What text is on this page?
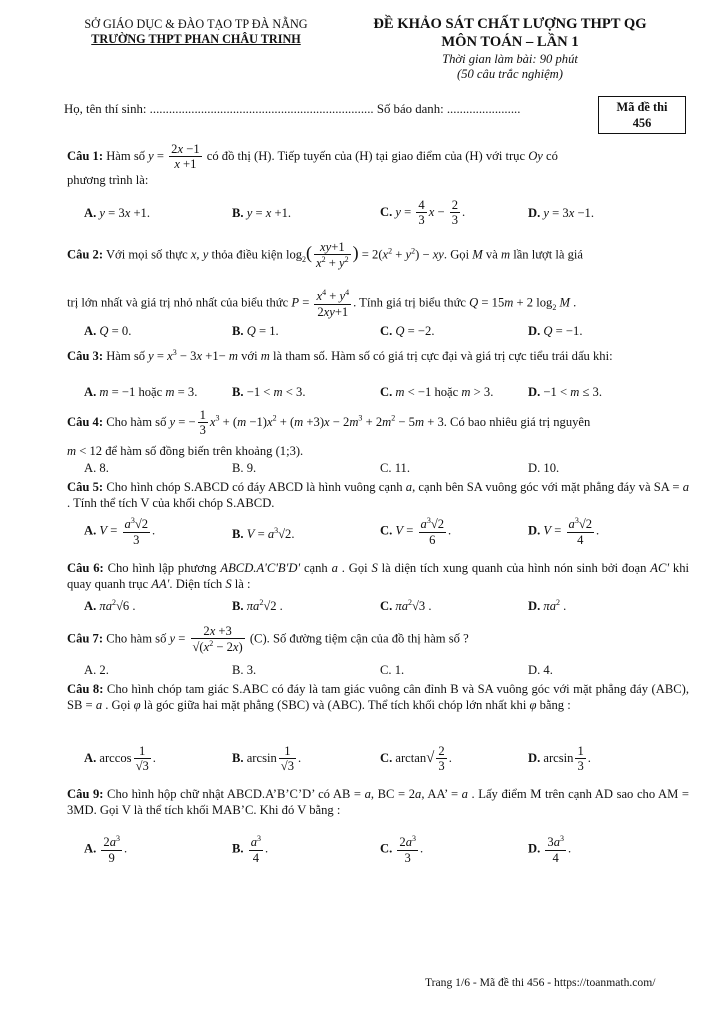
SỞ GIÁO DỤC & ĐÀO TẠO TP ĐÀ NẴNG
TRƯỜNG THPT PHAN CHÂU TRINH
ĐỀ KHẢO SÁT CHẤT LƯỢNG THPT QG
MÔN TOÁN – LẦN 1
Thời gian làm bài: 90 phút
(50 câu trắc nghiệm)
Họ, tên thí sinh: ...................................................................... Số báo danh: .......................	Mã đề thi
456
Câu 1: Hàm số $y = \frac{2x -1}{x +1}$ có đồ thị (H). Tiếp tuyến của (H) tại giao điểm của (H) với trục Oy có
phương trình là:
A. y = 3x +1.	B. y = x +1.	C. $y = \frac{4}{3}$ $x - \frac{2}{3}$ .	D. y = 3x −1.
Câu 2: Với mọi số thực x, y thỏa điều kiện $\log_2( \frac{xy+1}{x^2 + y^2}$ ) = $2(x^2 + y^2)$ − xy. Gọi M và m lần lượt là giá
trị lớn nhất và giá trị nhỏ nhất của biểu thức $P = \frac{x^4 + y^4}{2xy+1}$ . Tính giá trị biểu thức Q = 15m + 2 $\log_2 M$ .
A. Q = 0.	B. Q = 1.	C. Q = −2.	D. Q = −1.
Câu 3: Hàm số $y = x^3 - 3x +1- m$ với m là tham số. Hàm số có giá trị cực đại và giá trị cực tiểu trái dấu khi:
A. m = −1 hoặc m = 3.	B. −1 < m < 3.	C. m < −1 hoặc m > 3.	D. −1 < m ≤ 3.
Câu 4: Cho hàm số y = − $\frac{1}{3} x^3 + (m -1)x^2 + (m +3)x - 2m^3 + 2m^2 - 5m + 3$. Có bao nhiêu giá trị nguyên
m < 12 để hàm số đồng biến trên khoảng (1;3).
A. 8.	B. 9.	C. 11.	D. 10.
Câu 5: Cho hình chóp S.ABCD có đáy ABCD là hình vuông cạnh a, cạnh bên SA vuông góc với mặt phẳng đáy và SA = a . Tính thể tích V của khối chóp S.ABCD.
A. $V = \frac{a^3√2}{3}$ .	B. $V = a^3√2$.	C. $V = \frac{a^3√2}{6}$ .	D. $V = \frac{a^3√2}{4}$ .
Câu 6: Cho hình lập phương ABCD.A'C'B'D' cạnh a . Gọi S là diện tích xung quanh của hình nón sinh bởi đoạn AC' khi quay quanh trục AA'. Diện tích S là :
A. $\pi a^2√6$ .	B. $\pi a^2√2$ .	C. $\pi a^2√3$ .	D. $\pi a^2$ .
Câu 7: Cho hàm số $y = \frac{2x +3}{√(x^2 - 2x)} (C)$. Số đường tiệm cận của đồ thị hàm số ?
A. 2.	B. 3.	C. 1.	D. 4.
Câu 8: Cho hình chóp tam giác S.ABC có đáy là tam giác vuông cân đỉnh B và SA vuông góc với mặt phẳng đáy (ABC), SB = a . Gọi φ là góc giữa hai mặt phẳng (SBC) và (ABC). Thể tích khối chóp lớn nhất khi φ bằng :
A. $\arccos \frac{1}{√3}$ .	B. $\arcsin \frac{1}{√3}$ .	C. $\arctan√ \frac{2}{3}$ .	D. $\arcsin \frac{1}{3}$ .
Câu 9: Cho hình hộp chữ nhật ABCD.A’B’C’D’ có AB = a, BC = 2a, AA’ = a . Lấy điểm M trên cạnh AD sao cho AM = 3MD. Gọi V là thể tích khối MAB’C. Khi đó V bằng :
A. $\frac{2a^3}{9}$ .	B. $\frac{a^3}{4}$ .	C. $\frac{2a^3}{3}$ .	D. $\frac{3a^3}{4}$ .
Trang 1/6 - Mã đề thi 456 - https://toanmath.com/
